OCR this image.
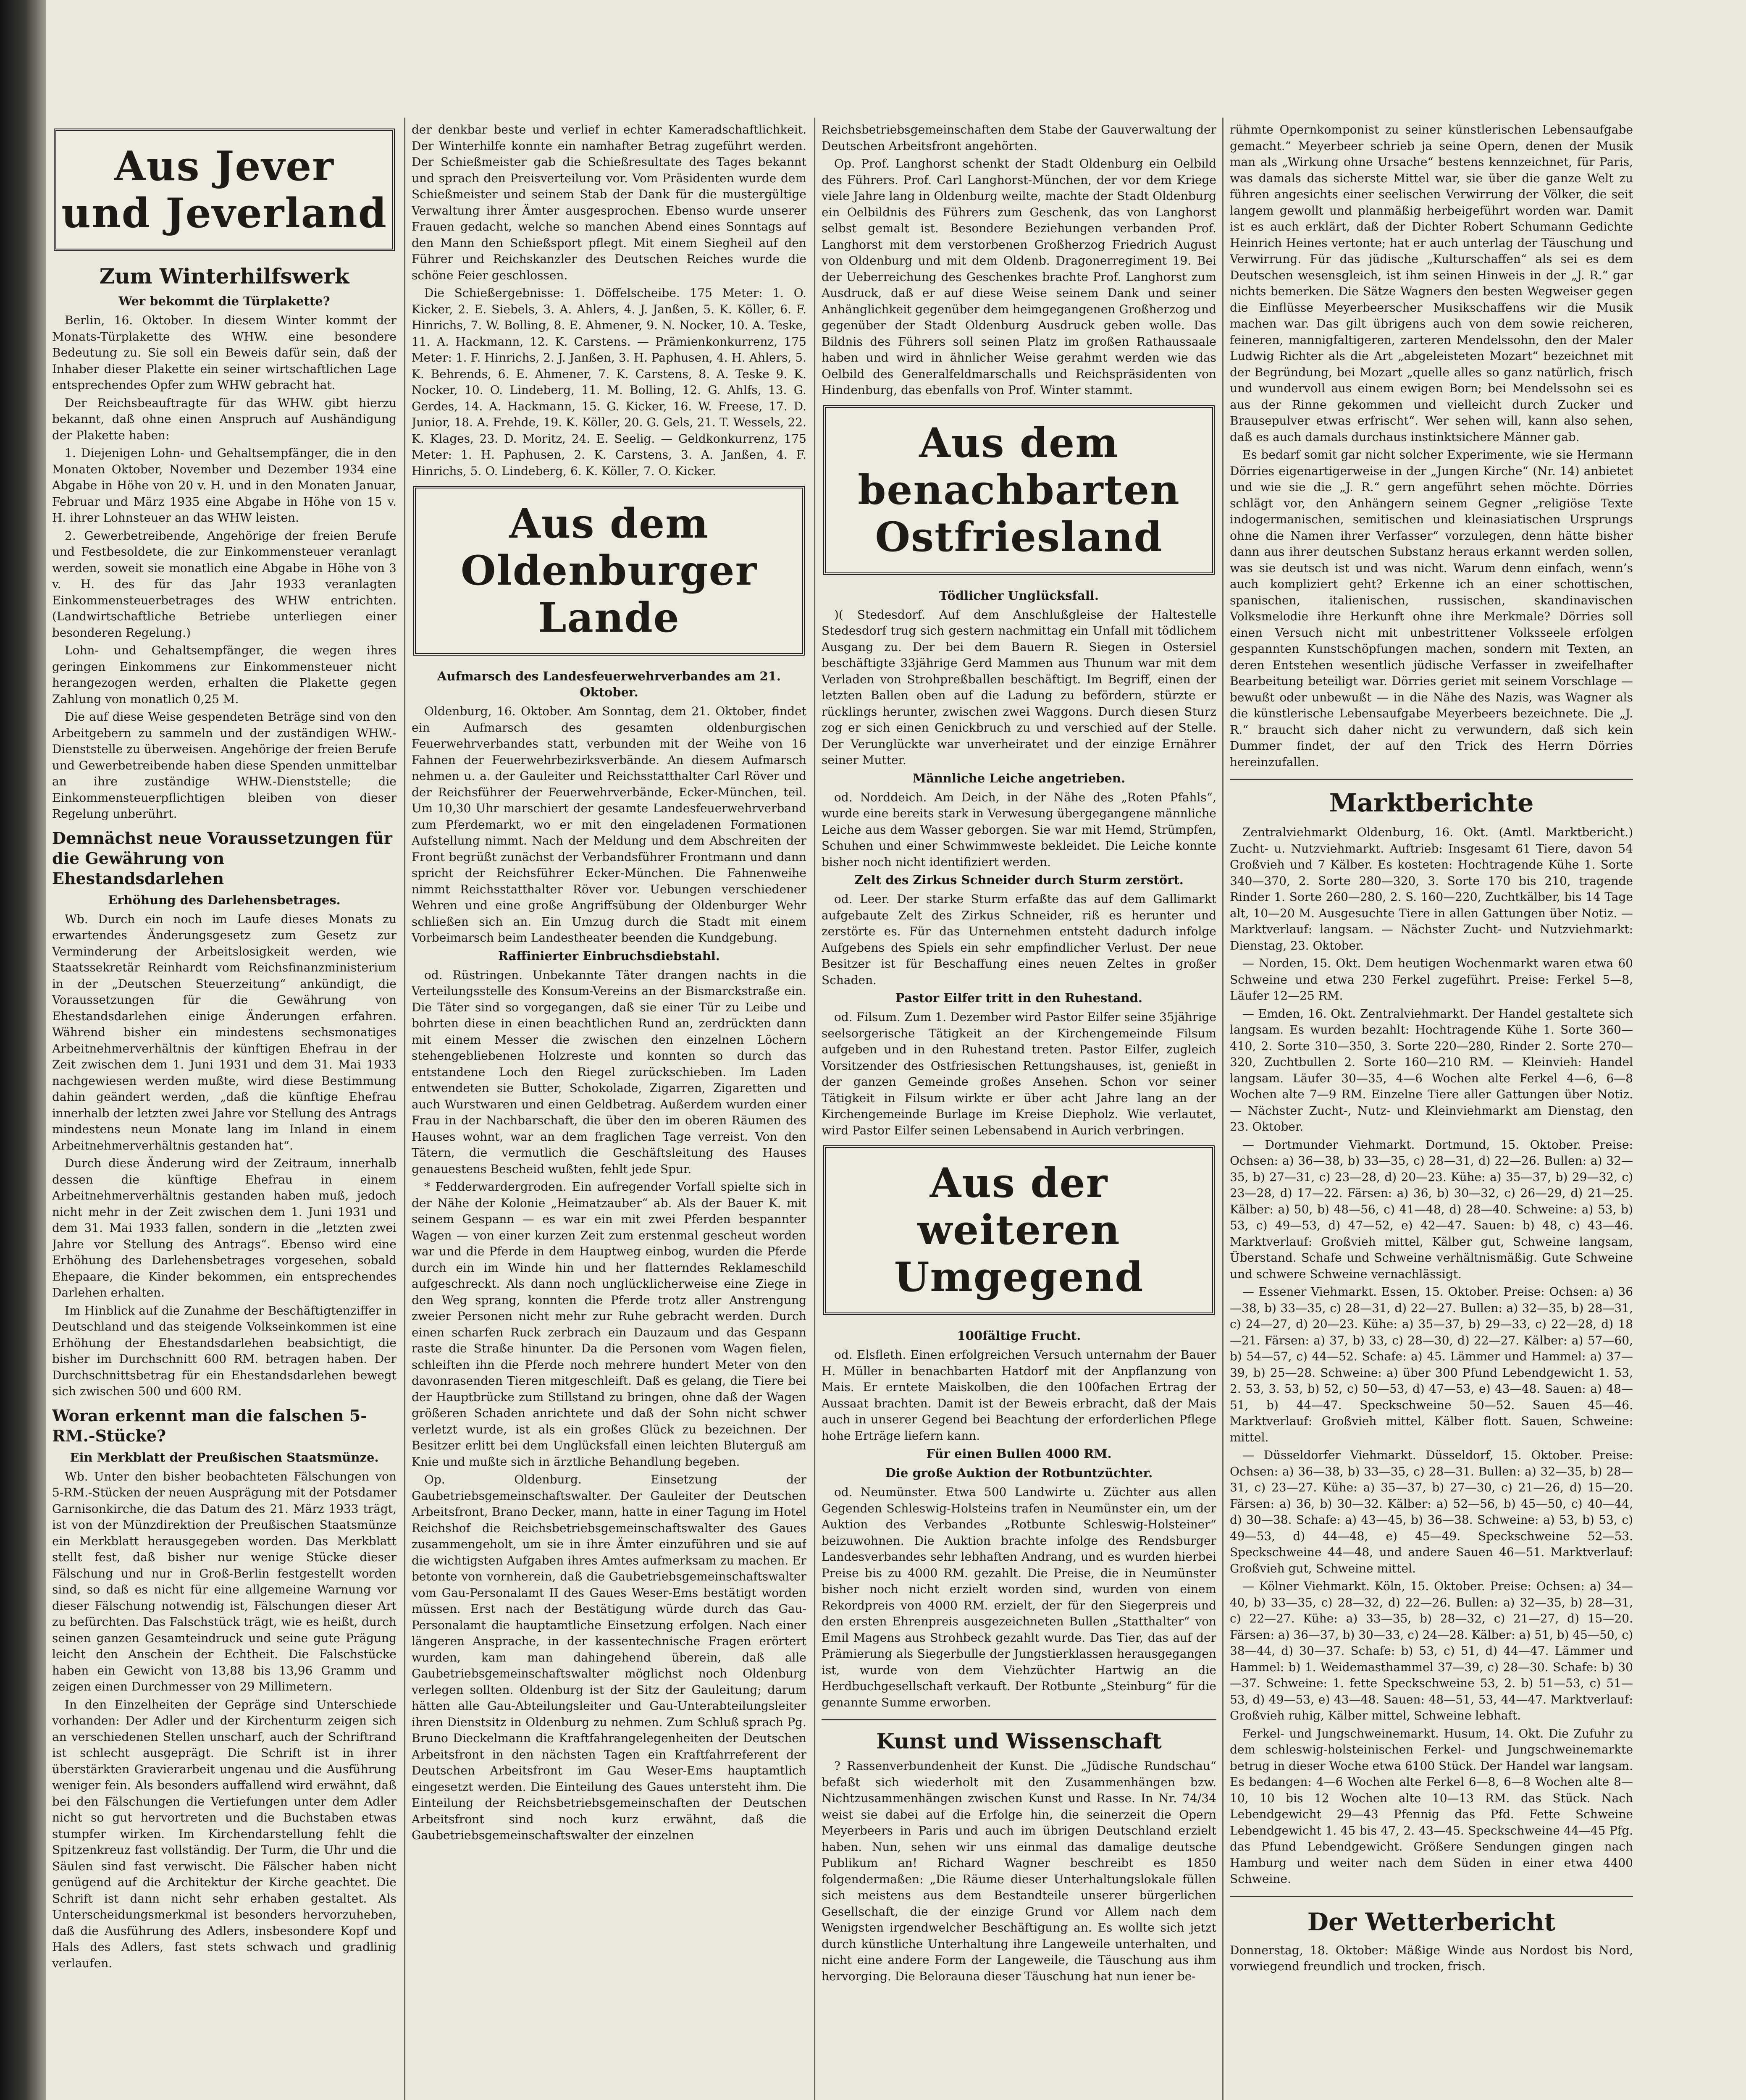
Aus Jever
und Jeverland
Zum Winterhilfswerk
Wer bekommt die Türplakette?

Berlin, 16. Oktober. In diesem Winter kommt der Monats-Türplakette des WHW. eine besondere Bedeutung zu. Sie soll ein Beweis dafür sein, daß der Inhaber dieser Plakette ein seiner wirtschaftlichen Lage entsprechendes Opfer zum WHW gebracht hat.

Der Reichsbeauftragte für das WHW. gibt hierzu bekannt, daß ohne einen Anspruch auf Aushändigung der Plakette haben:

1. Diejenigen Lohn- und Gehaltsempfänger, die in den Monaten Oktober, November und Dezember 1934 eine Abgabe in Höhe von 20 v. H. und in den Monaten Januar, Februar und März 1935 eine Abgabe in Höhe von 15 v. H. ihrer Lohnsteuer an das WHW leisten.

2. Gewerbetreibende, Angehörige der freien Berufe und Festbesoldete, die zur Einkommensteuer veranlagt werden, soweit sie monatlich eine Abgabe in Höhe von 3 v. H. des für das Jahr 1933 veranlagten Einkommensteuerbetrages des WHW entrichten. (Landwirtschaftliche Betriebe unterliegen einer besonderen Regelung.)

Lohn- und Gehaltsempfänger, die wegen ihres geringen Einkommens zur Einkommensteuer nicht herangezogen werden, erhalten die Plakette gegen Zahlung von monatlich 0,25 M.

Die auf diese Weise gespendeten Beträge sind von den Arbeitgebern zu sammeln und der zuständigen WHW.-Dienststelle zu überweisen. Angehörige der freien Berufe und Gewerbetreibende haben diese Spenden unmittelbar an ihre zuständige WHW.-Dienststelle; die Einkommensteuerpflichtigen bleiben von dieser Regelung unberührt.

Demnächst neue Voraussetzungen für die Gewährung von Ehestandsdarlehen
Erhöhung des Darlehensbetrages.

Wb. Durch ein noch im Laufe dieses Monats zu erwartendes Änderungsgesetz zum Gesetz zur Verminderung der Arbeitslosigkeit werden, wie Staatssekretär Reinhardt vom Reichsfinanzministerium in der „Deutschen Steuerzeitung“ ankündigt, die Voraussetzungen für die Gewährung von Ehestandsdarlehen einige Änderungen erfahren. Während bisher ein mindestens sechsmonatiges Arbeitnehmerverhältnis der künftigen Ehefrau in der Zeit zwischen dem 1. Juni 1931 und dem 31. Mai 1933 nachgewiesen werden mußte, wird diese Bestimmung dahin geändert werden, „daß die künftige Ehefrau innerhalb der letzten zwei Jahre vor Stellung des Antrags mindestens neun Monate lang im Inland in einem Arbeitnehmerverhältnis gestanden hat“.

Durch diese Änderung wird der Zeitraum, innerhalb dessen die künftige Ehefrau in einem Arbeitnehmerverhältnis gestanden haben muß, jedoch nicht mehr in der Zeit zwischen dem 1. Juni 1931 und dem 31. Mai 1933 fallen, sondern in die „letzten zwei Jahre vor Stellung des Antrags“. Ebenso wird eine Erhöhung des Darlehensbetrages vorgesehen, sobald Ehepaare, die Kinder bekommen, ein entsprechendes Darlehen erhalten.

Im Hinblick auf die Zunahme der Beschäftigtenziffer in Deutschland und das steigende Volkseinkommen ist eine Erhöhung der Ehestandsdarlehen beabsichtigt, die bisher im Durchschnitt 600 RM. betragen haben. Der Durchschnittsbetrag für ein Ehestandsdarlehen bewegt sich zwischen 500 und 600 RM.

Woran erkennt man die falschen 5-RM.-Stücke?
Ein Merkblatt der Preußischen Staatsmünze.

Wb. Unter den bisher beobachteten Fälschungen von 5-RM.-Stücken der neuen Ausprägung mit der Potsdamer Garnisonkirche, die das Datum des 21. März 1933 trägt, ist von der Münzdirektion der Preußischen Staatsmünze ein Merkblatt herausgegeben worden. Das Merkblatt stellt fest, daß bisher nur wenige Stücke dieser Fälschung und nur in Groß-Berlin festgestellt worden sind, so daß es nicht für eine allgemeine Warnung vor dieser Fälschung notwendig ist, Fälschungen dieser Art zu befürchten. Das Falschstück trägt, wie es heißt, durch seinen ganzen Gesamteindruck und seine gute Prägung leicht den Anschein der Echtheit. Die Falschstücke haben ein Gewicht von 13,88 bis 13,96 Gramm und zeigen einen Durchmesser von 29 Millimetern.

In den Einzelheiten der Gepräge sind Unterschiede vorhanden: Der Adler und der Kirchenturm zeigen sich an verschiedenen Stellen unscharf, auch der Schriftrand ist schlecht ausgeprägt. Die Schrift ist in ihrer überstärkten Gravierarbeit ungenau und die Ausführung weniger fein. Als besonders auffallend wird erwähnt, daß bei den Fälschungen die Vertiefungen unter dem Adler nicht so gut hervortreten und die Buchstaben etwas stumpfer wirken. Im Kirchendarstellung fehlt die Spitzenkreuz fast vollständig. Der Turm, die Uhr und die Säulen sind fast verwischt. Die Fälscher haben nicht genügend auf die Architektur der Kirche geachtet. Die Schrift ist dann nicht sehr erhaben gestaltet. Als Unterscheidungsmerkmal ist besonders hervorzuheben, daß die Ausführung des Adlers, insbesondere Kopf und Hals des Adlers, fast stets schwach und gradlinig verlaufen.

der denkbar beste und verlief in echter Kameradschaftlichkeit. Der Winterhilfe konnte ein namhafter Betrag zugeführt werden. Der Schießmeister gab die Schießresultate des Tages bekannt und sprach den Preisverteilung vor. Vom Präsidenten wurde dem Schießmeister und seinem Stab der Dank für die mustergültige Verwaltung ihrer Ämter ausgesprochen. Ebenso wurde unserer Frauen gedacht, welche so manchen Abend eines Sonntags auf den Mann den Schießsport pflegt. Mit einem Siegheil auf den Führer und Reichskanzler des Deutschen Reiches wurde die schöne Feier geschlossen.

Die Schießergebnisse: 1. Döffelscheibe. 175 Meter: 1. O. Kicker, 2. E. Siebels, 3. A. Ahlers, 4. J. Janßen, 5. K. Köller, 6. F. Hinrichs, 7. W. Bolling, 8. E. Ahmener, 9. N. Nocker, 10. A. Teske, 11. A. Hackmann, 12. K. Carstens. — Prämienkonkurrenz, 175 Meter: 1. F. Hinrichs, 2. J. Janßen, 3. H. Paphusen, 4. H. Ahlers, 5. K. Behrends, 6. E. Ahmener, 7. K. Carstens, 8. A. Teske 9. K. Nocker, 10. O. Lindeberg, 11. M. Bolling, 12. G. Ahlfs, 13. G. Gerdes, 14. A. Hackmann, 15. G. Kicker, 16. W. Freese, 17. D. Junior, 18. A. Frehde, 19. K. Köller, 20. G. Gels, 21. T. Wessels, 22. K. Klages, 23. D. Moritz, 24. E. Seelig. — Geldkonkurrenz, 175 Meter: 1. H. Paphusen, 2. K. Carstens, 3. A. Janßen, 4. F. Hinrichs, 5. O. Lindeberg, 6. K. Köller, 7. O. Kicker.

Aus dem Oldenburger
Lande
Aufmarsch des Landesfeuerwehrverbandes am 21. Oktober.

Oldenburg, 16. Oktober. Am Sonntag, dem 21. Oktober, findet ein Aufmarsch des gesamten oldenburgischen Feuerwehrverbandes statt, verbunden mit der Weihe von 16 Fahnen der Feuerwehrbezirksverbände. An diesem Aufmarsch nehmen u. a. der Gauleiter und Reichsstatthalter Carl Röver und der Reichsführer der Feuerwehrverbände, Ecker-München, teil. Um 10,30 Uhr marschiert der gesamte Landesfeuerwehrverband zum Pferdemarkt, wo er mit den eingeladenen Formationen Aufstellung nimmt. Nach der Meldung und dem Abschreiten der Front begrüßt zunächst der Verbandsführer Frontmann und dann spricht der Reichsführer Ecker-München. Die Fahnenweihe nimmt Reichsstatthalter Röver vor. Uebungen verschiedener Wehren und eine große Angriffsübung der Oldenburger Wehr schließen sich an. Ein Umzug durch die Stadt mit einem Vorbeimarsch beim Landestheater beenden die Kundgebung.

Raffinierter Einbruchsdiebstahl.

od. Rüstringen. Unbekannte Täter drangen nachts in die Verteilungsstelle des Konsum-Vereins an der Bismarckstraße ein. Die Täter sind so vorgegangen, daß sie einer Tür zu Leibe und bohrten diese in einen beachtlichen Rund an, zerdrückten dann mit einem Messer die zwischen den einzelnen Löchern stehengebliebenen Holzreste und konnten so durch das entstandene Loch den Riegel zurückschieben. Im Laden entwendeten sie Butter, Schokolade, Zigarren, Zigaretten und auch Wurstwaren und einen Geldbetrag. Außerdem wurden einer Frau in der Nachbarschaft, die über den im oberen Räumen des Hauses wohnt, war an dem fraglichen Tage verreist. Von den Tätern, die vermutlich die Geschäftsleitung des Hauses genauestens Bescheid wußten, fehlt jede Spur.

* Fedderwardergroden. Ein aufregender Vorfall spielte sich in der Nähe der Kolonie „Heimatzauber“ ab. Als der Bauer K. mit seinem Gespann — es war ein mit zwei Pferden bespannter Wagen — von einer kurzen Zeit zum erstenmal gescheut worden war und die Pferde in dem Hauptweg einbog, wurden die Pferde durch ein im Winde hin und her flatterndes Reklameschild aufgeschreckt. Als dann noch unglücklicherweise eine Ziege in den Weg sprang, konnten die Pferde trotz aller Anstrengung zweier Personen nicht mehr zur Ruhe gebracht werden. Durch einen scharfen Ruck zerbrach ein Dauzaum und das Gespann raste die Straße hinunter. Da die Personen vom Wagen fielen, schleiften ihn die Pferde noch mehrere hundert Meter von den davonrasenden Tieren mitgeschleift. Daß es gelang, die Tiere bei der Hauptbrücke zum Stillstand zu bringen, ohne daß der Wagen größeren Schaden anrichtete und daß der Sohn nicht schwer verletzt wurde, ist als ein großes Glück zu bezeichnen. Der Besitzer erlitt bei dem Unglücksfall einen leichten Bluterguß am Knie und mußte sich in ärztliche Behandlung begeben.

Op. Oldenburg. Einsetzung der Gaubetriebsgemeinschaftswalter. Der Gauleiter der Deutschen Arbeitsfront, Brano Decker, mann, hatte in einer Tagung im Hotel Reichshof die Reichsbetriebsgemeinschaftswalter des Gaues zusammengeholt, um sie in ihre Ämter einzuführen und sie auf die wichtigsten Aufgaben ihres Amtes aufmerksam zu machen. Er betonte von vornherein, daß die Gaubetriebsgemeinschaftswalter vom Gau-Personalamt II des Gaues Weser-Ems bestätigt worden müssen. Erst nach der Bestätigung würde durch das Gau-Personalamt die hauptamtliche Einsetzung erfolgen. Nach einer längeren Ansprache, in der kassentechnische Fragen erörtert wurden, kam man dahingehend überein, daß alle Gaubetriebsgemeinschaftswalter möglichst noch Oldenburg verlegen sollten. Oldenburg ist der Sitz der Gauleitung; darum hätten alle Gau-Abteilungsleiter und Gau-Unterabteilungsleiter ihren Dienstsitz in Oldenburg zu nehmen. Zum Schluß sprach Pg. Bruno Dieckelmann die Kraftfahrangelegenheiten der Deutschen Arbeitsfront in den nächsten Tagen ein Kraftfahrreferent der Deutschen Arbeitsfront im Gau Weser-Ems hauptamtlich eingesetzt werden. Die Einteilung des Gaues untersteht ihm. Die Einteilung der Reichsbetriebsgemeinschaften der Deutschen Arbeitsfront sind noch kurz erwähnt, daß die Gaubetriebsgemeinschaftswalter der einzelnen

Reichsbetriebsgemeinschaften dem Stabe der Gauverwaltung der Deutschen Arbeitsfront angehörten.

Op. Prof. Langhorst schenkt der Stadt Oldenburg ein Oelbild des Führers. Prof. Carl Langhorst-München, der vor dem Kriege viele Jahre lang in Oldenburg weilte, machte der Stadt Oldenburg ein Oelbildnis des Führers zum Geschenk, das von Langhorst selbst gemalt ist. Besondere Beziehungen verbanden Prof. Langhorst mit dem verstorbenen Großherzog Friedrich August von Oldenburg und mit dem Oldenb. Dragonerregiment 19. Bei der Ueberreichung des Geschenkes brachte Prof. Langhorst zum Ausdruck, daß er auf diese Weise seinem Dank und seiner Anhänglichkeit gegenüber dem heimgegangenen Großherzog und gegenüber der Stadt Oldenburg Ausdruck geben wolle. Das Bildnis des Führers soll seinen Platz im großen Rathaussaale haben und wird in ähnlicher Weise gerahmt werden wie das Oelbild des Generalfeldmarschalls und Reichspräsidenten von Hindenburg, das ebenfalls von Prof. Winter stammt.

Aus dem benachbarten
Ostfriesland
Tödlicher Unglücksfall.

)( Stedesdorf. Auf dem Anschlußgleise der Haltestelle Stedesdorf trug sich gestern nachmittag ein Unfall mit tödlichem Ausgang zu. Der bei dem Bauern R. Siegen in Ostersiel beschäftigte 33jährige Gerd Mammen aus Thunum war mit dem Verladen von Strohpreßballen beschäftigt. Im Begriff, einen der letzten Ballen oben auf die Ladung zu befördern, stürzte er rücklings herunter, zwischen zwei Waggons. Durch diesen Sturz zog er sich einen Genickbruch zu und verschied auf der Stelle. Der Verunglückte war unverheiratet und der einzige Ernährer seiner Mutter.

Männliche Leiche angetrieben.

od. Norddeich. Am Deich, in der Nähe des „Roten Pfahls“, wurde eine bereits stark in Verwesung übergegangene männliche Leiche aus dem Wasser geborgen. Sie war mit Hemd, Strümpfen, Schuhen und einer Schwimmweste bekleidet. Die Leiche konnte bisher noch nicht identifiziert werden.

Zelt des Zirkus Schneider durch Sturm zerstört.

od. Leer. Der starke Sturm erfaßte das auf dem Gallimarkt aufgebaute Zelt des Zirkus Schneider, riß es herunter und zerstörte es. Für das Unternehmen entsteht dadurch infolge Aufgebens des Spiels ein sehr empfindlicher Verlust. Der neue Besitzer ist für Beschaffung eines neuen Zeltes in großer Schaden.

Pastor Eilfer tritt in den Ruhestand.

od. Filsum. Zum 1. Dezember wird Pastor Eilfer seine 35jährige seelsorgerische Tätigkeit an der Kirchengemeinde Filsum aufgeben und in den Ruhestand treten. Pastor Eilfer, zugleich Vorsitzender des Ostfriesischen Rettungshauses, ist, genießt in der ganzen Gemeinde großes Ansehen. Schon vor seiner Tätigkeit in Filsum wirkte er über acht Jahre lang an der Kirchengemeinde Burlage im Kreise Diepholz. Wie verlautet, wird Pastor Eilfer seinen Lebensabend in Aurich verbringen.

Aus der weiteren
Umgegend
100fältige Frucht.

od. Elsfleth. Einen erfolgreichen Versuch unternahm der Bauer H. Müller in benachbarten Hatdorf mit der Anpflanzung von Mais. Er erntete Maiskolben, die den 100fachen Ertrag der Aussaat brachten. Damit ist der Beweis erbracht, daß der Mais auch in unserer Gegend bei Beachtung der erforderlichen Pflege hohe Erträge liefern kann.

Für einen Bullen 4000 RM.
Die große Auktion der Rotbuntzüchter.

od. Neumünster. Etwa 500 Landwirte u. Züchter aus allen Gegenden Schleswig-Holsteins trafen in Neumünster ein, um der Auktion des Verbandes „Rotbunte Schleswig-Holsteiner“ beizuwohnen. Die Auktion brachte infolge des Rendsburger Landesverbandes sehr lebhaften Andrang, und es wurden hierbei Preise bis zu 4000 RM. gezahlt. Die Preise, die in Neumünster bisher noch nicht erzielt worden sind, wurden von einem Rekordpreis von 4000 RM. erzielt, der für den Siegerpreis und den ersten Ehrenpreis ausgezeichneten Bullen „Statthalter“ von Emil Magens aus Strohbeck gezahlt wurde. Das Tier, das auf der Prämierung als Siegerbulle der Jungstierklassen herausgegangen ist, wurde von dem Viehzüchter Hartwig an die Herdbuchgesellschaft verkauft. Der Rotbunte „Steinburg“ für die genannte Summe erworben.

Kunst und Wissenschaft

? Rassenverbundenheit der Kunst. Die „Jüdische Rundschau“ befaßt sich wiederholt mit den Zusammenhängen bzw. Nichtzusammenhängen zwischen Kunst und Rasse. In Nr. 74/34 weist sie dabei auf die Erfolge hin, die seinerzeit die Opern Meyerbeers in Paris und auch im übrigen Deutschland erzielt haben. Nun, sehen wir uns einmal das damalige deutsche Publikum an! Richard Wagner beschreibt es 1850 folgendermaßen: „Die Räume dieser Unterhaltungslokale füllen sich meistens aus dem Bestandteile unserer bürgerlichen Gesellschaft, die der einzige Grund vor Allem nach dem Wenigsten irgendwelcher Beschäftigung an. Es wollte sich jetzt durch künstliche Unterhaltung ihre Langeweile unterhalten, und nicht eine andere Form der Langeweile, die Täuschung aus ihm hervorging. Die Belorauna dieser Täuschung hat nun iener be-

rühmte Opernkomponist zu seiner künstlerischen Lebensaufgabe gemacht.“ Meyerbeer schrieb ja seine Opern, denen der Musik man als „Wirkung ohne Ursache“ bestens kennzeichnet, für Paris, was damals das sicherste Mittel war, sie über die ganze Welt zu führen angesichts einer seelischen Verwirrung der Völker, die seit langem gewollt und planmäßig herbeigeführt worden war. Damit ist es auch erklärt, daß der Dichter Robert Schumann Gedichte Heinrich Heines vertonte; hat er auch unterlag der Täuschung und Verwirrung. Für das jüdische „Kulturschaffen“ als sei es dem Deutschen wesensgleich, ist ihm seinen Hinweis in der „J. R.“ gar nichts bemerken. Die Sätze Wagners den besten Wegweiser gegen die Einflüsse Meyerbeerscher Musikschaffens wir die Musik machen war. Das gilt übrigens auch von dem sowie reicheren, feineren, mannigfaltigeren, zarteren Mendelssohn, den der Maler Ludwig Richter als die Art „abgeleisteten Mozart“ bezeichnet mit der Begründung, bei Mozart „quelle alles so ganz natürlich, frisch und wundervoll aus einem ewigen Born; bei Mendelssohn sei es aus der Rinne gekommen und vielleicht durch Zucker und Brausepulver etwas erfrischt“. Wer sehen will, kann also sehen, daß es auch damals durchaus instinktsichere Männer gab.

Es bedarf somit gar nicht solcher Experimente, wie sie Hermann Dörries eigenartigerweise in der „Jungen Kirche“ (Nr. 14) anbietet und wie sie die „J. R.“ gern angeführt sehen möchte. Dörries schlägt vor, den Anhängern seinem Gegner „religiöse Texte indogermanischen, semitischen und kleinasiatischen Ursprungs ohne die Namen ihrer Verfasser“ vorzulegen, denn hätte bisher dann aus ihrer deutschen Substanz heraus erkannt werden sollen, was sie deutsch ist und was nicht. Warum denn einfach, wenn’s auch kompliziert geht? Erkenne ich an einer schottischen, spanischen, italienischen, russischen, skandinavischen Volksmelodie ihre Herkunft ohne ihre Merkmale? Dörries soll einen Versuch nicht mit unbestrittener Volksseele erfolgen gespannten Kunstschöpfungen machen, sondern mit Texten, an deren Entstehen wesentlich jüdische Verfasser in zweifelhafter Bearbeitung beteiligt war. Dörries geriet mit seinem Vorschlage — bewußt oder unbewußt — in die Nähe des Nazis, was Wagner als die künstlerische Lebensaufgabe Meyerbeers bezeichnete. Die „J. R.“ braucht sich daher nicht zu verwundern, daß sich kein Dummer findet, der auf den Trick des Herrn Dörries hereinzufallen.

Marktberichte

Zentralviehmarkt Oldenburg, 16. Okt. (Amtl. Marktbericht.) Zucht- u. Nutzviehmarkt. Auftrieb: Insgesamt 61 Tiere, davon 54 Großvieh und 7 Kälber. Es kosteten: Hochtragende Kühe 1. Sorte 340—370, 2. Sorte 280—320, 3. Sorte 170 bis 210, tragende Rinder 1. Sorte 260—280, 2. S. 160—220, Zuchtkälber, bis 14 Tage alt, 10—20 M. Ausgesuchte Tiere in allen Gattungen über Notiz. — Marktverlauf: langsam. — Nächster Zucht- und Nutzviehmarkt: Dienstag, 23. Oktober.

— Norden, 15. Okt. Dem heutigen Wochenmarkt waren etwa 60 Schweine und etwa 230 Ferkel zugeführt. Preise: Ferkel 5—8, Läufer 12—25 RM.

— Emden, 16. Okt. Zentralviehmarkt. Der Handel gestaltete sich langsam. Es wurden bezahlt: Hochtragende Kühe 1. Sorte 360—410, 2. Sorte 310—350, 3. Sorte 220—280, Rinder 2. Sorte 270—320, Zuchtbullen 2. Sorte 160—210 RM. — Kleinvieh: Handel langsam. Läufer 30—35, 4—6 Wochen alte Ferkel 4—6, 6—8 Wochen alte 7—9 RM. Einzelne Tiere aller Gattungen über Notiz. — Nächster Zucht-, Nutz- und Kleinviehmarkt am Dienstag, den 23. Oktober.

— Dortmunder Viehmarkt. Dortmund, 15. Oktober. Preise: Ochsen: a) 36—38, b) 33—35, c) 28—31, d) 22—26. Bullen: a) 32—35, b) 27—31, c) 23—28, d) 20—23. Kühe: a) 35—37, b) 29—32, c) 23—28, d) 17—22. Färsen: a) 36, b) 30—32, c) 26—29, d) 21—25. Kälber: a) 50, b) 48—56, c) 41—48, d) 28—40. Schweine: a) 53, b) 53, c) 49—53, d) 47—52, e) 42—47. Sauen: b) 48, c) 43—46. Marktverlauf: Großvieh mittel, Kälber gut, Schweine langsam, Überstand. Schafe und Schweine verhältnismäßig. Gute Schweine und schwere Schweine vernachlässigt.

— Essener Viehmarkt. Essen, 15. Oktober. Preise: Ochsen: a) 36—38, b) 33—35, c) 28—31, d) 22—27. Bullen: a) 32—35, b) 28—31, c) 24—27, d) 20—23. Kühe: a) 35—37, b) 29—33, c) 22—28, d) 18—21. Färsen: a) 37, b) 33, c) 28—30, d) 22—27. Kälber: a) 57—60, b) 54—57, c) 44—52. Schafe: a) 45. Lämmer und Hammel: a) 37—39, b) 25—28. Schweine: a) über 300 Pfund Lebendgewicht 1. 53, 2. 53, 3. 53, b) 52, c) 50—53, d) 47—53, e) 43—48. Sauen: a) 48—51, b) 44—47. Speckschweine 50—52. Sauen 45—46. Marktverlauf: Großvieh mittel, Kälber flott. Sauen, Schweine: mittel.

— Düsseldorfer Viehmarkt. Düsseldorf, 15. Oktober. Preise: Ochsen: a) 36—38, b) 33—35, c) 28—31. Bullen: a) 32—35, b) 28—31, c) 23—27. Kühe: a) 35—37, b) 27—30, c) 21—26, d) 15—20. Färsen: a) 36, b) 30—32. Kälber: a) 52—56, b) 45—50, c) 40—44, d) 30—38. Schafe: a) 43—45, b) 36—38. Schweine: a) 53, b) 53, c) 49—53, d) 44—48, e) 45—49. Speckschweine 52—53. Speckschweine 44—48, und andere Sauen 46—51. Marktverlauf: Großvieh gut, Schweine mittel.

— Kölner Viehmarkt. Köln, 15. Oktober. Preise: Ochsen: a) 34—40, b) 33—35, c) 28—32, d) 22—26. Bullen: a) 32—35, b) 28—31, c) 22—27. Kühe: a) 33—35, b) 28—32, c) 21—27, d) 15—20. Färsen: a) 36—37, b) 30—33, c) 24—28. Kälber: a) 51, b) 45—50, c) 38—44, d) 30—37. Schafe: b) 53, c) 51, d) 44—47. Lämmer und Hammel: b) 1. Weidemasthammel 37—39, c) 28—30. Schafe: b) 30—37. Schweine: 1. fette Speckschweine 53, 2. b) 51—53, c) 51—53, d) 49—53, e) 43—48. Sauen: 48—51, 53, 44—47. Marktverlauf: Großvieh ruhig, Kälber mittel, Schweine lebhaft.

Ferkel- und Jungschweinemarkt. Husum, 14. Okt. Die Zufuhr zu dem schleswig-holsteinischen Ferkel- und Jungschweinemarkte betrug in dieser Woche etwa 6100 Stück. Der Handel war langsam. Es bedangen: 4—6 Wochen alte Ferkel 6—8, 6—8 Wochen alte 8—10, 10 bis 12 Wochen alte 10—13 RM. das Stück. Nach Lebendgewicht 29—43 Pfennig das Pfd. Fette Schweine Lebendgewicht 1. 45 bis 47, 2. 43—45. Speckschweine 44—45 Pfg. das Pfund Lebendgewicht. Größere Sendungen gingen nach Hamburg und weiter nach dem Süden in einer etwa 4400 Schweine.

Der Wetterbericht

Donnerstag, 18. Oktober: Mäßige Winde aus Nordost bis Nord, vorwiegend freundlich und trocken, frisch.
